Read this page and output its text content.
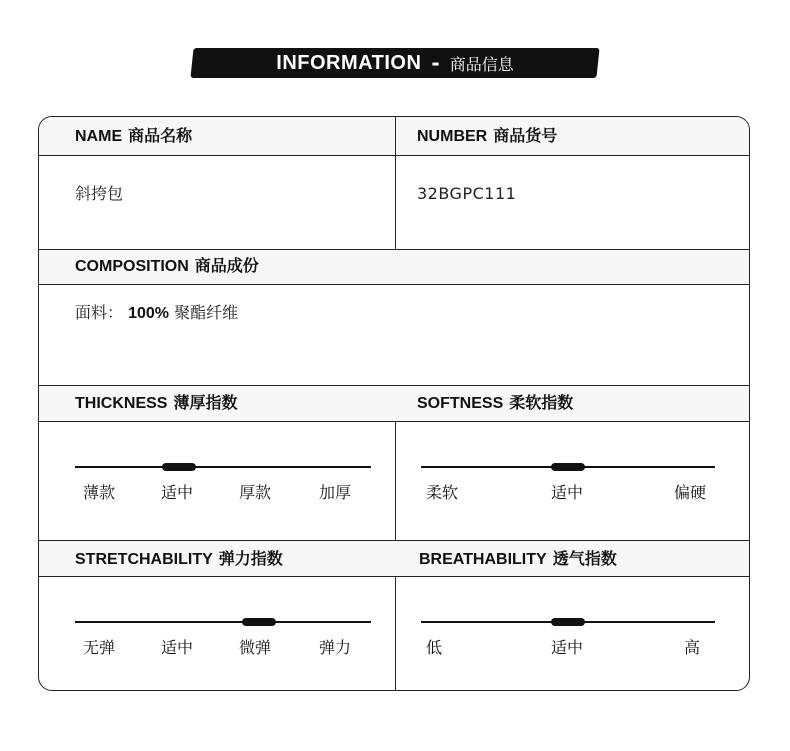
INFORMATION - 商品信息
NAME 商品名称
斜挎包
NUMBER 商品货号
32BGPC111
COMPOSITION 商品成份
面料： 100% 聚酯纤维
THICKNESS 薄厚指数
薄款	适中	厚款	加厚
SOFTNESS 柔软指数
柔软	适中	偏硬
STRETCHABILITY 弹力指数
无弹	适中	微弹	弹力
BREATHABILITY 透气指数
低	适中	高
